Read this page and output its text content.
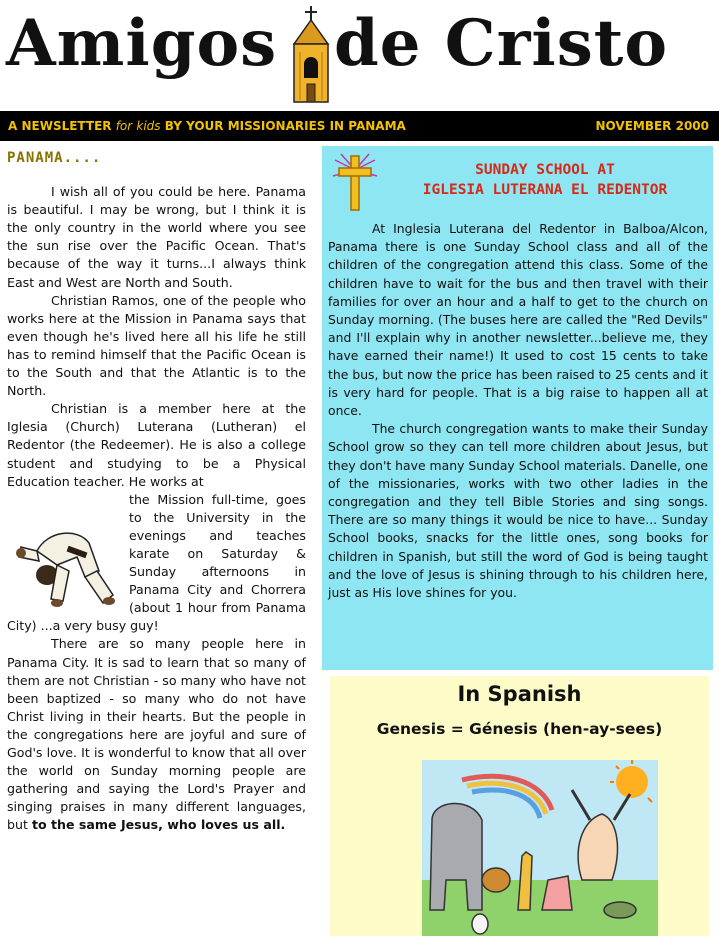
Amigos de Cristo
A NEWSLETTER for kids BY YOUR MISSIONARIES IN PANAMA	NOVEMBER 2000
PANAMA....

I wish all of you could be here. Panama is beautiful. I may be wrong, but I think it is the only country in the world where you see the sun rise over the Pacific Ocean. That's because of the way it turns...I always think East and West are North and South.

Christian Ramos, one of the people who works here at the Mission in Panama says that even though he's lived here all his life he still has to remind himself that the Pacific Ocean is to the South and that the Atlantic is to the North.

Christian is a member here at the Iglesia (Church) Luterana (Lutheran) el Redentor (the Redeemer). He is also a college student and studying to be a Physical Education teacher. He works at

the Mission full-time, goes to the University in the evenings and teaches karate on Saturday & Sunday afternoons in Panama City and Chorrera (about 1 hour from Panama City) ...a very busy guy!

There are so many people here in Panama City. It is sad to learn that so many of them are not Christian - so many who have not been baptized - so many who do not have Christ living in their hearts. But the people in the congregations here are joyful and sure of God's love. It is wonderful to know that all over the world on Sunday morning people are gathering and saying the Lord's Prayer and singing praises in many different languages, but to the same Jesus, who loves us all.

SUNDAY SCHOOL AT
IGLESIA LUTERANA EL REDENTOR

At Inglesia Luterana del Redentor in Balboa/Alcon, Panama there is one Sunday School class and all of the children of the congregation attend this class. Some of the children have to wait for the bus and then travel with their families for over an hour and a half to get to the church on Sunday morning. (The buses here are called the "Red Devils" and I'll explain why in another newsletter...believe me, they have earned their name!) It used to cost 15 cents to take the bus, but now the price has been raised to 25 cents and it is very hard for people. That is a big raise to happen all at once.

The church congregation wants to make their Sunday School grow so they can tell more children about Jesus, but they don't have many Sunday School materials. Danelle, one of the missionaries, works with two other ladies in the congregation and they tell Bible Stories and sing songs. There are so many things it would be nice to have... Sunday School books, snacks for the little ones, song books for children in Spanish, but still the word of God is being taught and the love of Jesus is shining through to his children here, just as His love shines for you.

In Spanish
Genesis = Génesis (hen-ay-sees)
